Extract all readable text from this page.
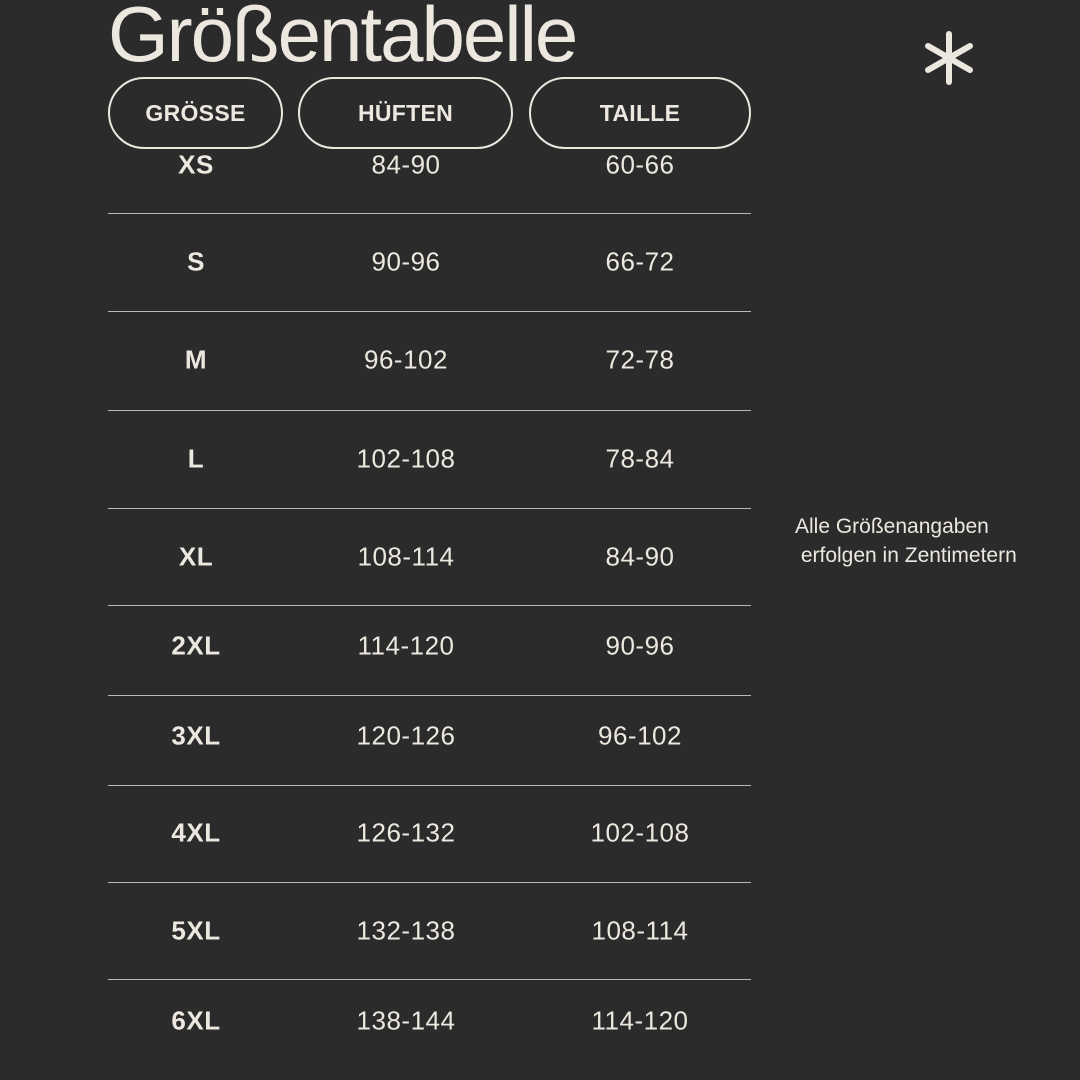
Größentabelle
GRÖSSE	HÜFTEN	TAILLE
XS	84-90	60-66
S	90-96	66-72
M	96-102	72-78
L	102-108	78-84
XL	108-114	84-90
2XL	114-120	90-96
3XL	120-126	96-102
4XL	126-132	102-108
5XL	132-138	108-114
6XL	138-144	114-120
Alle Größenangaben
erfolgen in Zentimetern
